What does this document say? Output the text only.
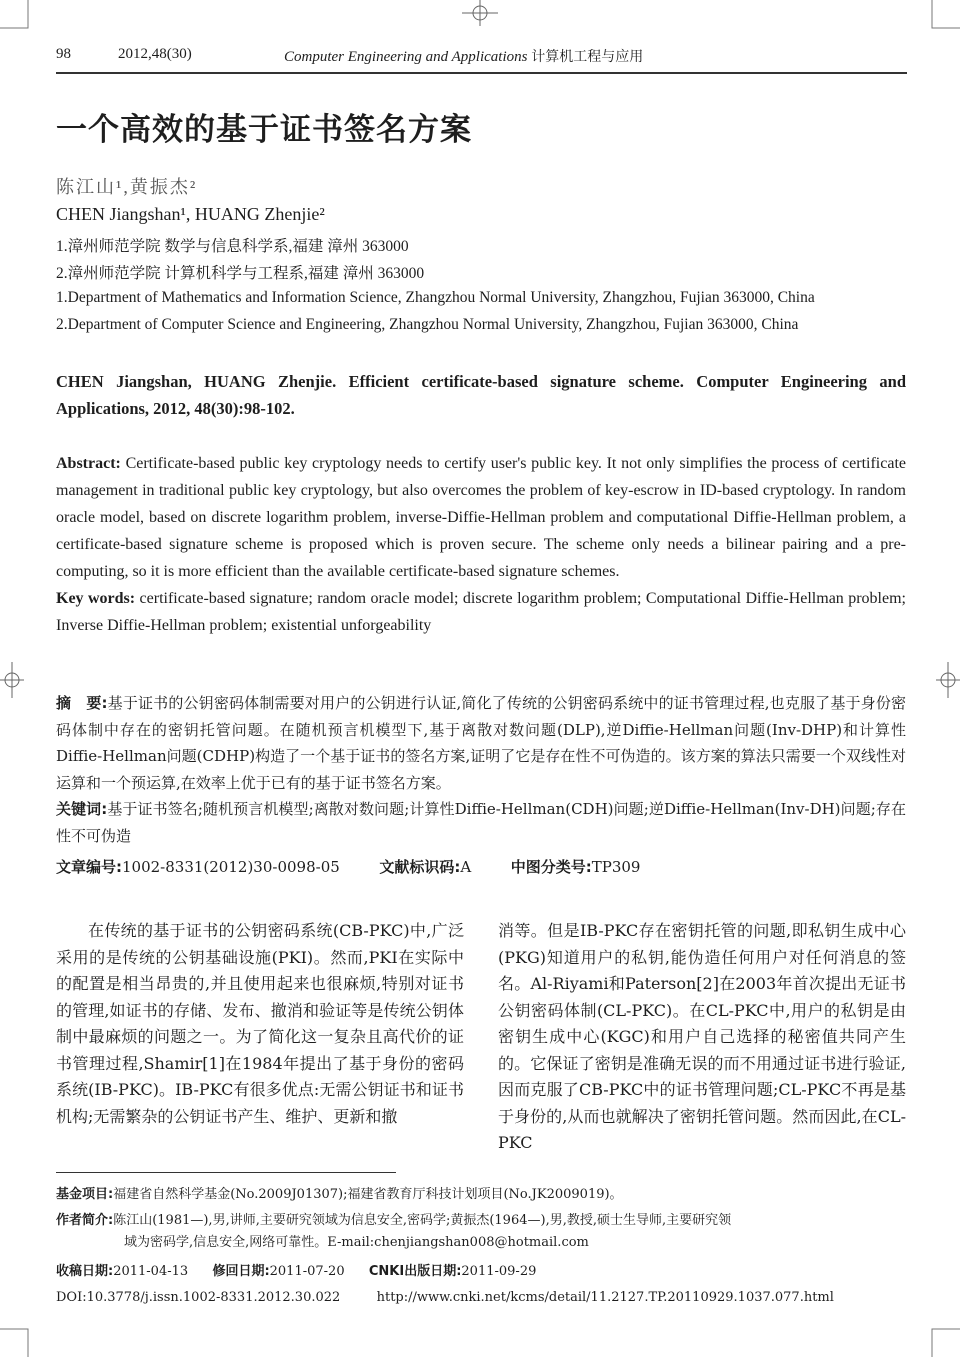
98	2012,48(30)	Computer Engineering and Applications 计算机工程与应用
一个高效的基于证书签名方案
陈江山¹,黄振杰²
CHEN Jiangshan¹, HUANG Zhenjie²
1.漳州师范学院 数学与信息科学系,福建 漳州 363000
2.漳州师范学院 计算机科学与工程系,福建 漳州 363000
1.Department of Mathematics and Information Science, Zhangzhou Normal University, Zhangzhou, Fujian 363000, China
2.Department of Computer Science and Engineering, Zhangzhou Normal University, Zhangzhou, Fujian 363000, China
CHEN Jiangshan, HUANG Zhenjie. Efficient certificate-based signature scheme. Computer Engineering and Applications, 2012, 48(30):98-102.
Abstract: Certificate-based public key cryptology needs to certify user's public key. It not only simplifies the process of certificate management in traditional public key cryptology, but also overcomes the problem of key-escrow in ID-based cryptology. In random oracle model, based on discrete logarithm problem, inverse-Diffie-Hellman problem and computational Diffie-Hellman problem, a certificate-based signature scheme is proposed which is proven secure. The scheme only needs a bilinear pairing and a pre-computing, so it is more efficient than the available certificate-based signature schemes.
Key words: certificate-based signature; random oracle model; discrete logarithm problem; Computational Diffie-Hellman problem; Inverse Diffie-Hellman problem; existential unforgeability
摘　要:基于证书的公钥密码体制需要对用户的公钥进行认证,简化了传统的公钥密码系统中的证书管理过程,也克服了基于身份密码体制中存在的密钥托管问题。在随机预言机模型下,基于离散对数问题(DLP),逆Diffie-Hellman问题(Inv-DHP)和计算性Diffie-Hellman问题(CDHP)构造了一个基于证书的签名方案,证明了它是存在性不可伪造的。该方案的算法只需要一个双线性对运算和一个预运算,在效率上优于已有的基于证书签名方案。
关键词:基于证书签名;随机预言机模型;离散对数问题;计算性Diffie-Hellman(CDH)问题;逆Diffie-Hellman(Inv-DH)问题;存在性不可伪造
文章编号:1002-8331(2012)30-0098-05	文献标识码:A	中图分类号:TP309
在传统的基于证书的公钥密码系统(CB-PKC)中,广泛采用的是传统的公钥基础设施(PKI)。然而,PKI在实际中的配置是相当昂贵的,并且使用起来也很麻烦,特别对证书的管理,如证书的存储、发布、撤消和验证等是传统公钥体制中最麻烦的问题之一。为了简化这一复杂且高代价的证书管理过程,Shamir[1]在1984年提出了基于身份的密码系统(IB-PKC)。IB-PKC有很多优点:无需公钥证书和证书机构;无需繁杂的公钥证书产生、维护、更新和撤
消等。但是IB-PKC存在密钥托管的问题,即私钥生成中心(PKG)知道用户的私钥,能伪造任何用户对任何消息的签名。Al-Riyami和Paterson[2]在2003年首次提出无证书公钥密码体制(CL-PKC)。在CL-PKC中,用户的私钥是由密钥生成中心(KGC)和用户自己选择的秘密值共同产生的。它保证了密钥是准确无误的而不用通过证书进行验证,因而克服了CB-PKC中的证书管理问题;CL-PKC不再是基于身份的,从而也就解决了密钥托管问题。然而因此,在CL-PKC
基金项目:福建省自然科学基金(No.2009J01307);福建省教育厅科技计划项目(No.JK2009019)。
作者简介:陈江山(1981—),男,讲师,主要研究领域为信息安全,密码学;黄振杰(1964—),男,教授,硕士生导师,主要研究领
域为密码学,信息安全,网络可靠性。E-mail:chenjiangshan008@hotmail.com
收稿日期:2011-04-13 修回日期:2011-07-20 CNKI出版日期:2011-09-29
DOI:10.3778/j.issn.1002-8331.2012.30.022	http://www.cnki.net/kcms/detail/11.2127.TP.20110929.1037.077.html
